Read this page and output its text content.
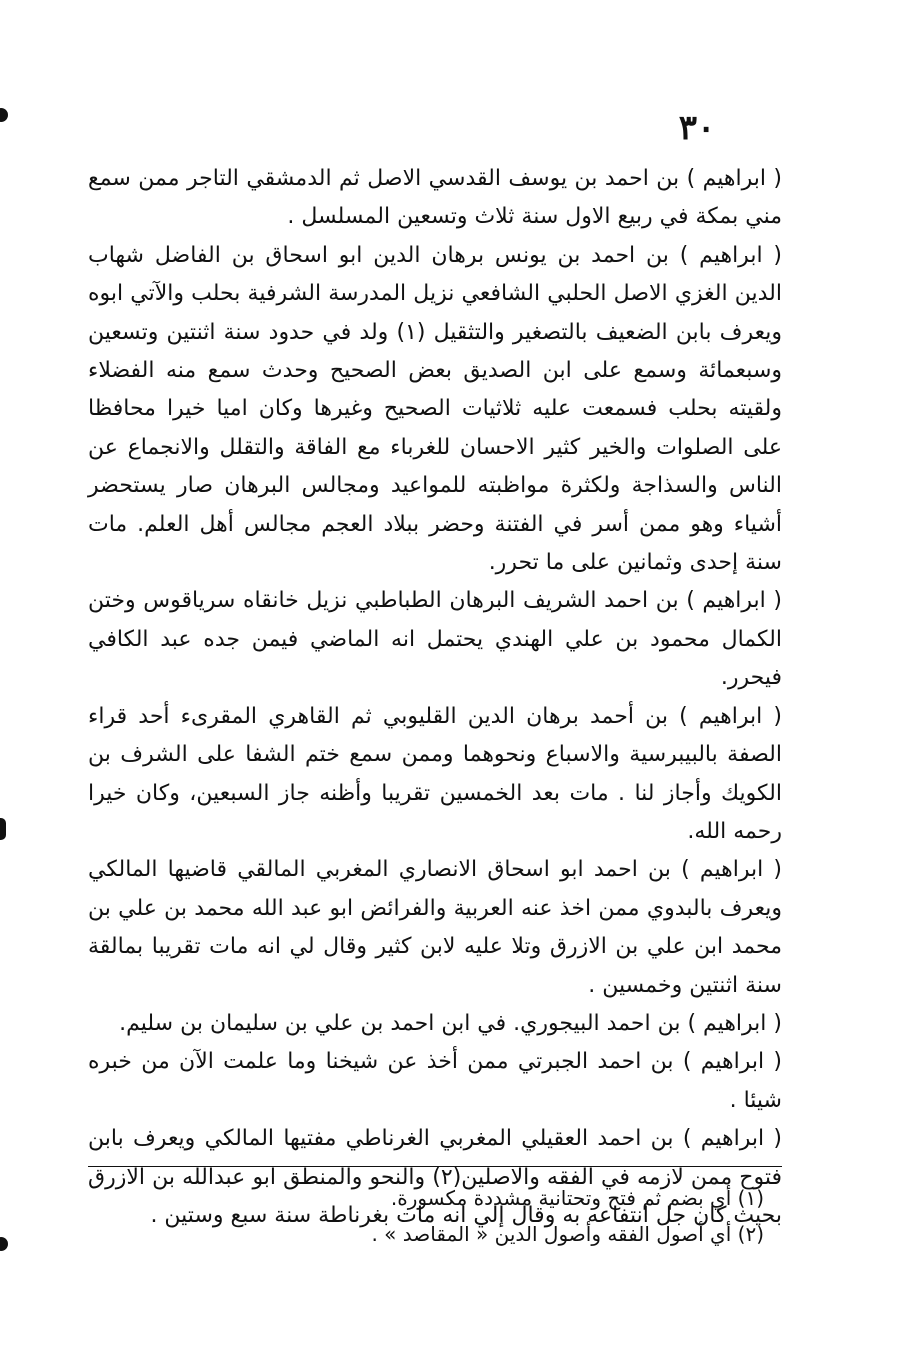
٣٠

( ابراهيم ) بن احمد بن يوسف القدسي الاصل ثم الدمشقي التاجر ممن سمع مني بمكة في ربيع الاول سنة ثلاث وتسعين المسلسل .

( ابراهيم ) بن احمد بن يونس برهان الدين ابو اسحاق بن الفاضل شهاب الدين الغزي الاصل الحلبي الشافعي نزيل المدرسة الشرفية بحلب والآتي ابوه ويعرف بابن الضعيف بالتصغير والتثقيل (١) ولد في حدود سنة اثنتين وتسعين وسبعمائة وسمع على ابن الصديق بعض الصحيح وحدث سمع منه الفضلاء ولقيته بحلب فسمعت عليه ثلاثيات الصحيح وغيرها وكان اميا خيرا محافظا على الصلوات والخير كثير الاحسان للغرباء مع الفاقة والتقلل والانجماع عن الناس والسذاجة ولكثرة مواظبته للمواعيد ومجالس البرهان صار يستحضر أشياء وهو ممن أسر في الفتنة وحضر ببلاد العجم مجالس أهل العلم. مات سنة إحدى وثمانين على ما تحرر.

( ابراهيم ) بن احمد الشريف البرهان الطباطبي نزيل خانقاه سرياقوس وختن الكمال محمود بن علي الهندي يحتمل انه الماضي فيمن جده عبد الكافي فيحرر.

( ابراهيم ) بن أحمد برهان الدين القليوبي ثم القاهري المقرىء أحد قراء الصفة بالبيبرسية والاسباع ونحوهما وممن سمع ختم الشفا على الشرف بن الكويك وأجاز لنا . مات بعد الخمسين تقريبا وأظنه جاز السبعين، وكان خيرا رحمه الله.

( ابراهيم ) بن احمد ابو اسحاق الانصاري المغربي المالقي قاضيها المالكي ويعرف بالبدوي ممن اخذ عنه العربية والفرائض ابو عبد الله محمد بن علي بن محمد ابن علي بن الازرق وتلا عليه لابن كثير وقال لي انه مات تقريبا بمالقة سنة اثنتين وخمسين .

( ابراهيم ) بن احمد البيجوري. في ابن احمد بن علي بن سليمان بن سليم.

( ابراهيم ) بن احمد الجبرتي ممن أخذ عن شيخنا وما علمت الآن من خبره شيئا .

( ابراهيم ) بن احمد العقيلي المغربي الغرناطي مفتيها المالكي ويعرف بابن فتوح ممن لازمه في الفقه والاصلين(٢) والنحو والمنطق ابو عبدالله بن الازرق بحيث كان جل انتفاعه به وقال إلي انه مات بغرناطة سنة سبع وستين .

(١) أي بضم ثم فتح وتحتانية مشددة مكسورة.

(٢) أي أصول الفقه وأصول الدين « المقاصد » .
